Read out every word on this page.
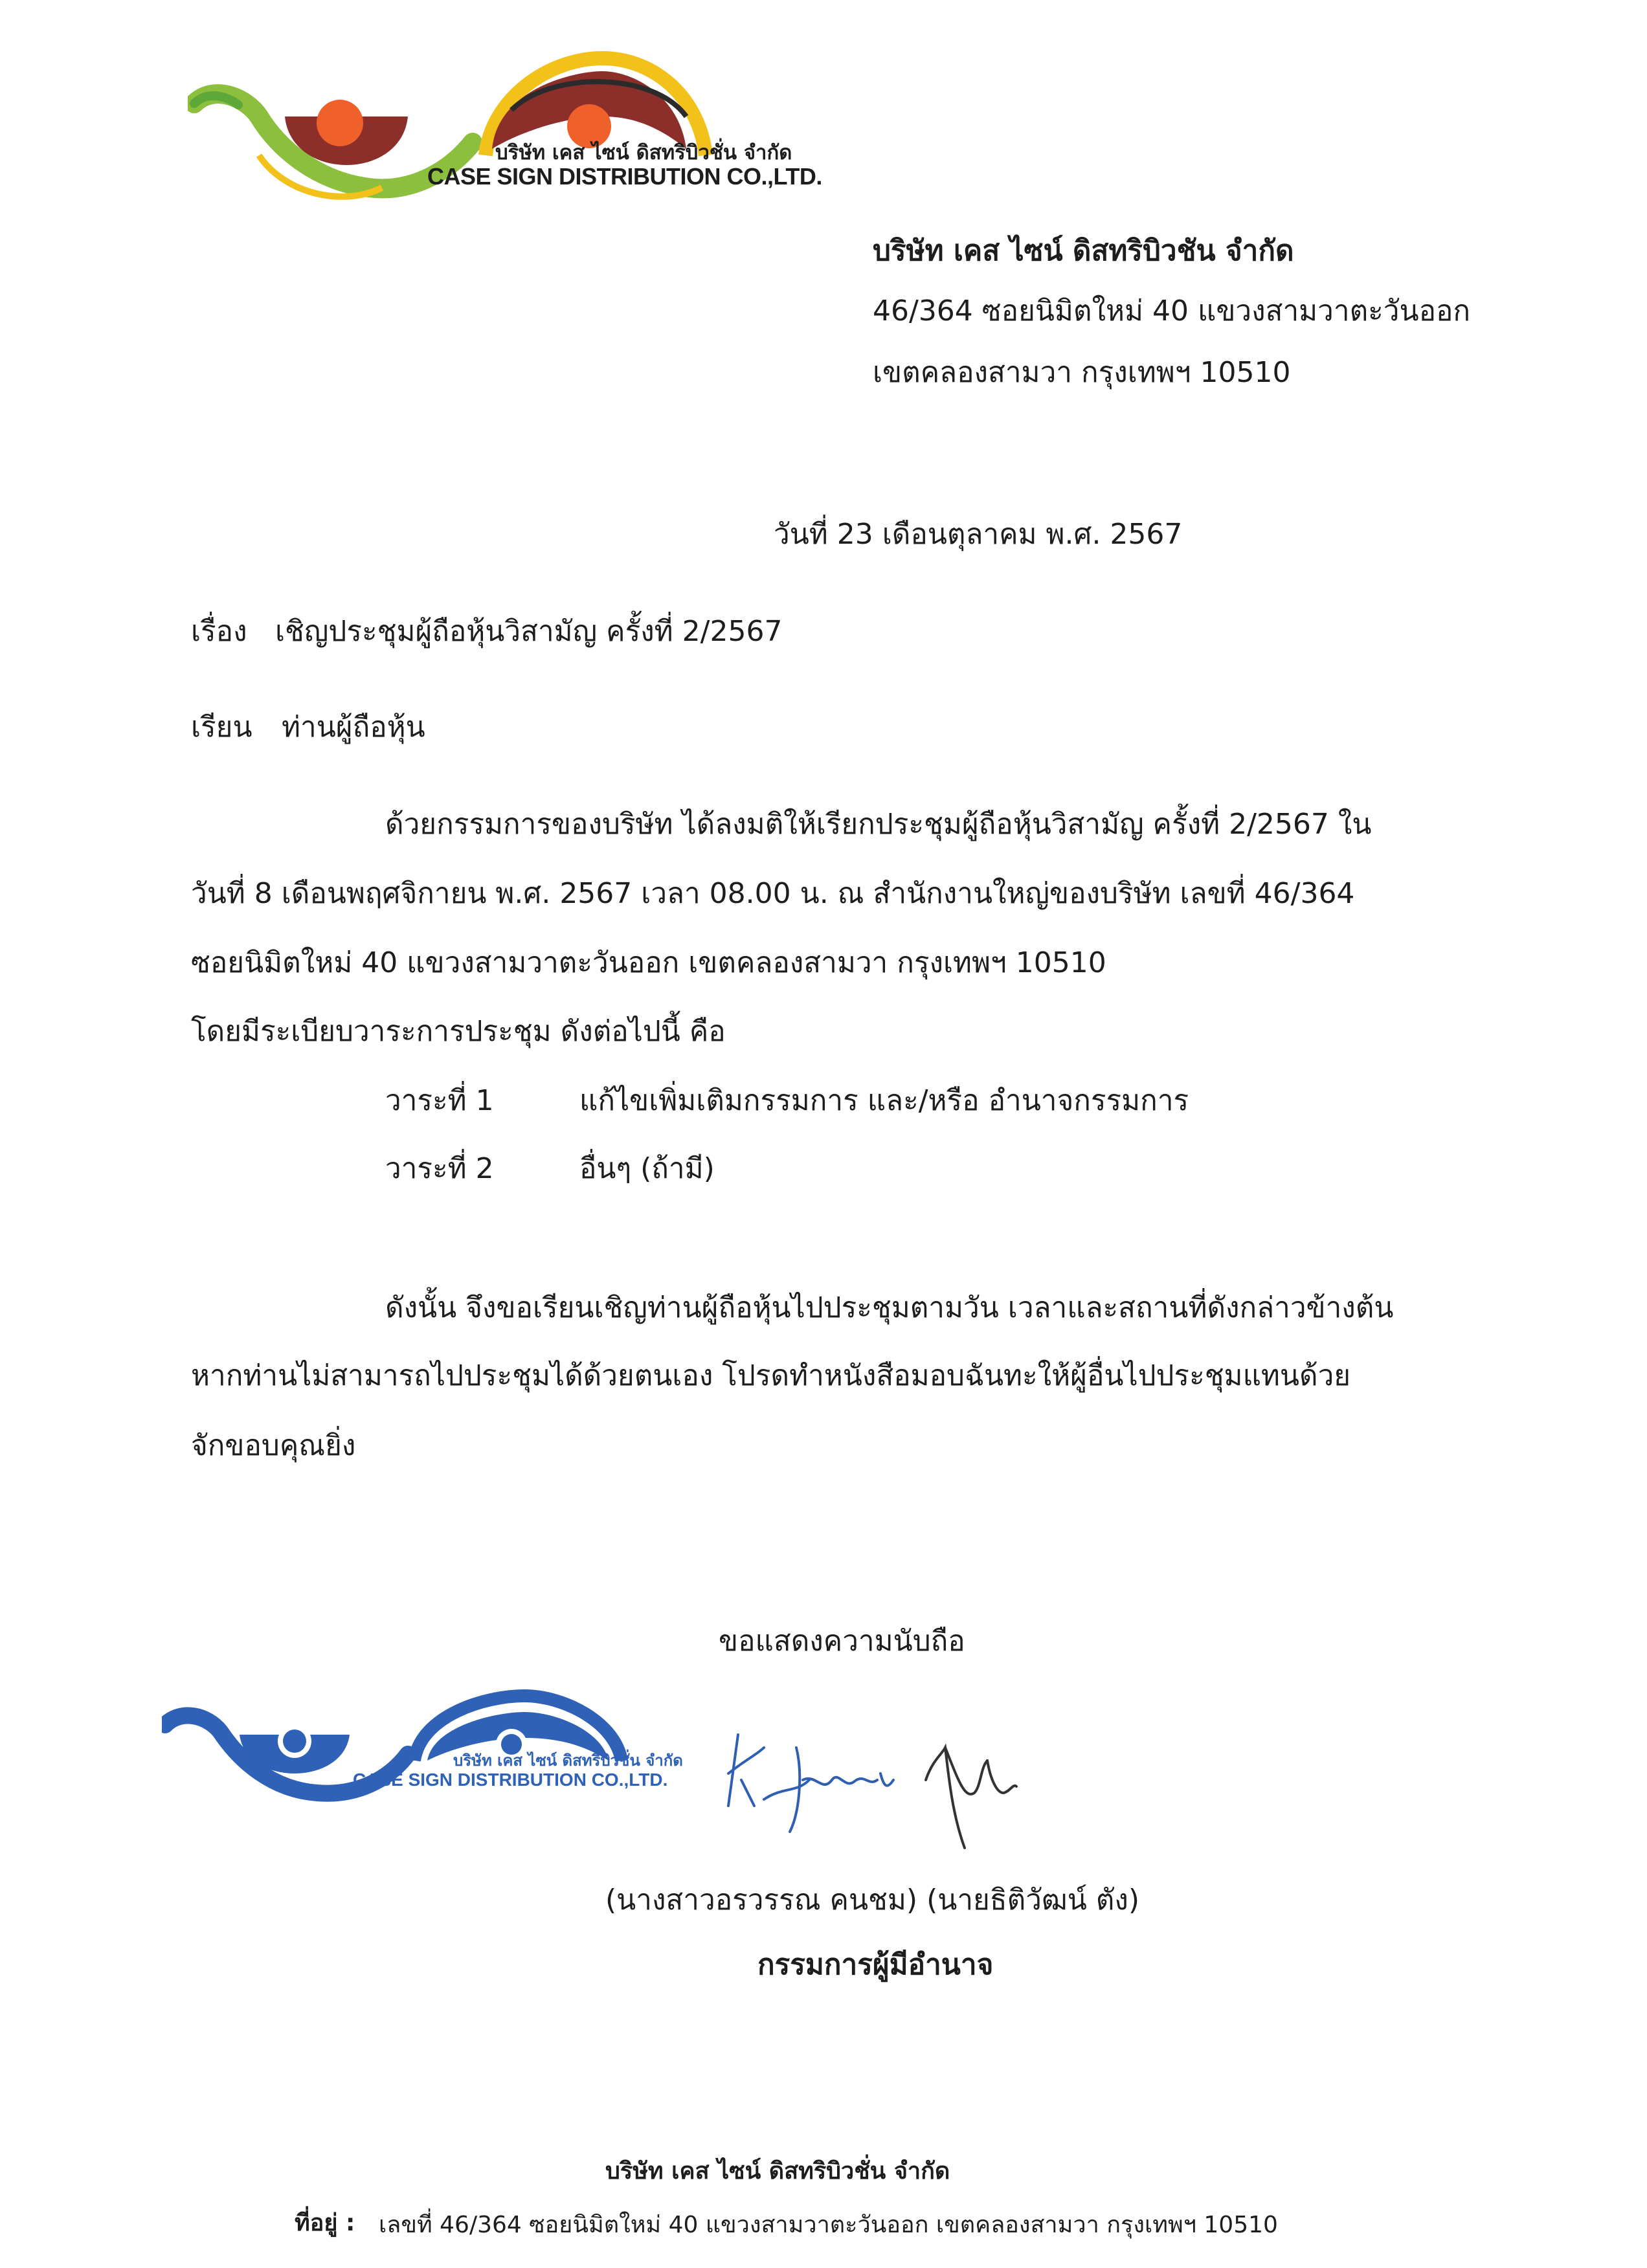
บริษัท เคส ไซน์ ดิสทริบิวชั่น จำกัด

CASE SIGN DISTRIBUTION CO.,LTD.

บริษัท เคส ไซน์ ดิสทริบิวชัน จำกัด

46/364 ซอยนิมิตใหม่ 40 แขวงสามวาตะวันออก

เขตคลองสามวา กรุงเทพฯ 10510

วันที่ 23 เดือนตุลาคม พ.ศ. 2567

เรื่อง เชิญประชุมผู้ถือหุ้นวิสามัญ ครั้งที่ 2/2567

เรียน ท่านผู้ถือหุ้น

ด้วยกรรมการของบริษัท ได้ลงมติให้เรียกประชุมผู้ถือหุ้นวิสามัญ ครั้งที่ 2/2567 ใน

วันที่ 8 เดือนพฤศจิกายน พ.ศ. 2567 เวลา 08.00 น. ณ สำนักงานใหญ่ของบริษัท เลขที่ 46/364

ซอยนิมิตใหม่ 40 แขวงสามวาตะวันออก เขตคลองสามวา กรุงเทพฯ 10510

โดยมีระเบียบวาระการประชุม ดังต่อไปนี้ คือ

วาระที่ 1	แก้ไขเพิ่มเติมกรรมการ และ/หรือ อำนาจกรรมการ

วาระที่ 2	อื่นๆ (ถ้ามี)

ดังนั้น จึงขอเรียนเชิญท่านผู้ถือหุ้นไปประชุมตามวัน เวลาและสถานที่ดังกล่าวข้างต้น

หากท่านไม่สามารถไปประชุมได้ด้วยตนเอง โปรดทำหนังสือมอบฉันทะให้ผู้อื่นไปประชุมแทนด้วย

จักขอบคุณยิ่ง

ขอแสดงความนับถือ

บริษัท เคส ไซน์ ดิสทริบิวชั่น จำกัด

CASE SIGN DISTRIBUTION CO.,LTD.

(นางสาวอรวรรณ คนชม) (นายธิติวัฒน์ ตัง)

กรรมการผู้มีอำนาจ

บริษัท เคส ไซน์ ดิสทริบิวชั่น จำกัด

ที่อยู่ : เลขที่ 46/364 ซอยนิมิตใหม่ 40 แขวงสามวาตะวันออก เขตคลองสามวา กรุงเทพฯ 10510
